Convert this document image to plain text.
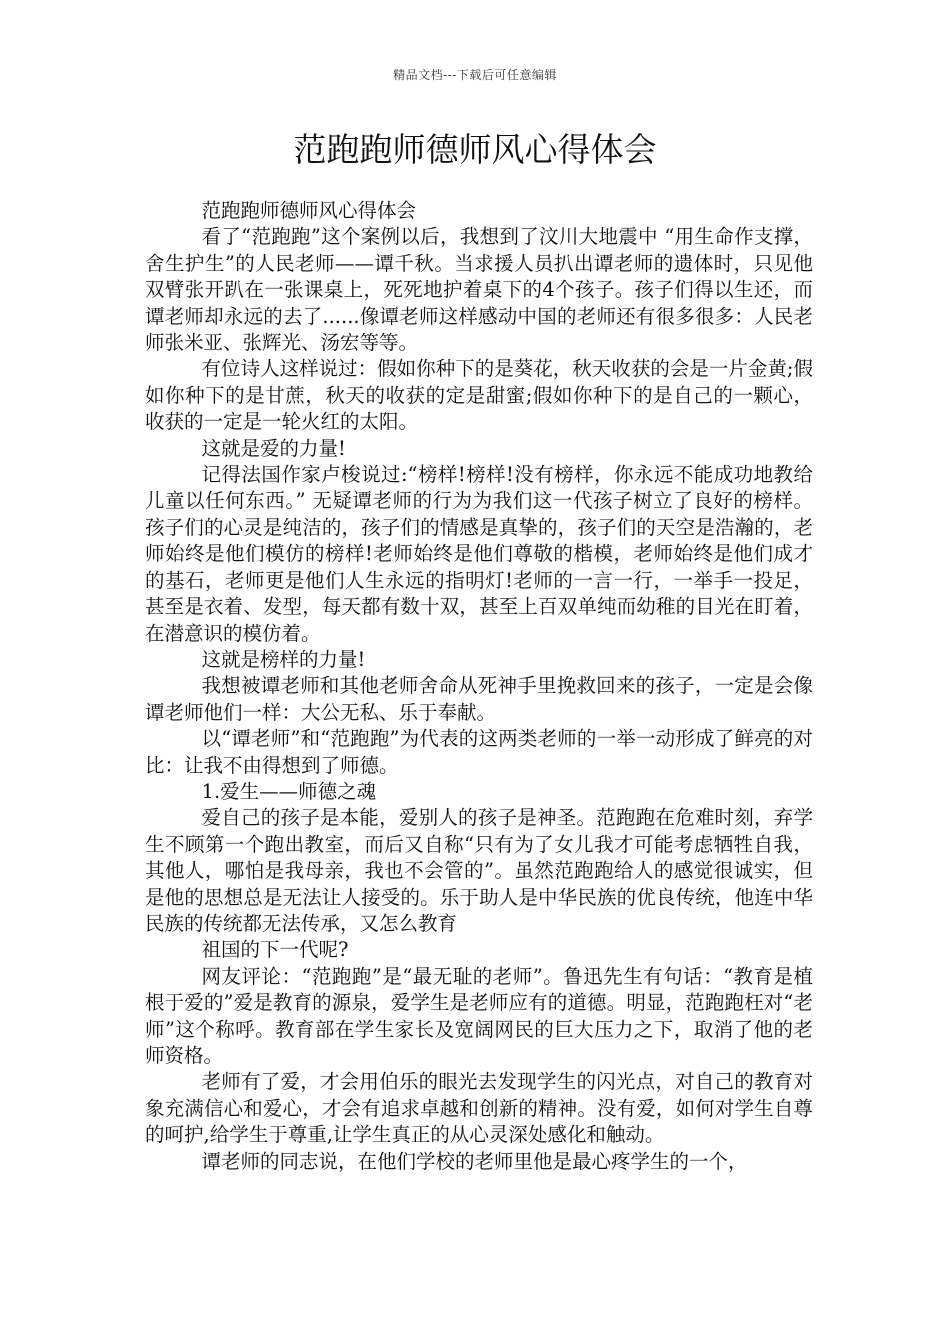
精品文档---下载后可任意编辑
范跑跑师德师风心得体会

范跑跑师德师风心得体会

看了“范跑跑”这个案例以后，我想到了汶川大地震中 “用生命作支撑，舍生护生”的人民老师——谭千秋。当求援人员扒出谭老师的遗体时，只见他双臂张开趴在一张课桌上，死死地护着桌下的4个孩子。孩子们得以生还，而谭老师却永远的去了......像谭老师这样感动中国的老师还有很多很多：人民老师张米亚、张辉光、汤宏等等。

有位诗人这样说过：假如你种下的是葵花，秋天收获的会是一片金黄;假如你种下的是甘蔗，秋天的收获的定是甜蜜;假如你种下的是自己的一颗心，收获的一定是一轮火红的太阳。

这就是爱的力量!

记得法国作家卢梭说过:“榜样!榜样!没有榜样，你永远不能成功地教给儿童以任何东西。” 无疑谭老师的行为为我们这一代孩子树立了良好的榜样。孩子们的心灵是纯洁的，孩子们的情感是真挚的，孩子们的天空是浩瀚的，老师始终是他们模仿的榜样!老师始终是他们尊敬的楷模，老师始终是他们成才的基石，老师更是他们人生永远的指明灯!老师的一言一行，一举手一投足，甚至是衣着、发型，每天都有数十双，甚至上百双单纯而幼稚的目光在盯着，在潜意识的模仿着。

这就是榜样的力量!

我想被谭老师和其他老师舍命从死神手里挽救回来的孩子，一定是会像谭老师他们一样：大公无私、乐于奉献。

以“谭老师”和“范跑跑”为代表的这两类老师的一举一动形成了鲜亮的对比：让我不由得想到了师德。

1.爱生——师德之魂

爱自己的孩子是本能，爱别人的孩子是神圣。范跑跑在危难时刻，弃学生不顾第一个跑出教室，而后又自称“只有为了女儿我才可能考虑牺牲自我，其他人，哪怕是我母亲，我也不会管的”。虽然范跑跑给人的感觉很诚实，但是他的思想总是无法让人接受的。乐于助人是中华民族的优良传统，他连中华民族的传统都无法传承，又怎么教育

祖国的下一代呢?

网友评论：“范跑跑”是“最无耻的老师”。鲁迅先生有句话：“教育是植根于爱的”爱是教育的源泉，爱学生是老师应有的道德。明显，范跑跑枉对“老师”这个称呼。教育部在学生家长及宽阔网民的巨大压力之下，取消了他的老师资格。

老师有了爱，才会用伯乐的眼光去发现学生的闪光点，对自己的教育对象充满信心和爱心，才会有追求卓越和创新的精神。没有爱，如何对学生自尊的呵护,给学生于尊重,让学生真正的从心灵深处感化和触动。

谭老师的同志说，在他们学校的老师里他是最心疼学生的一个，
